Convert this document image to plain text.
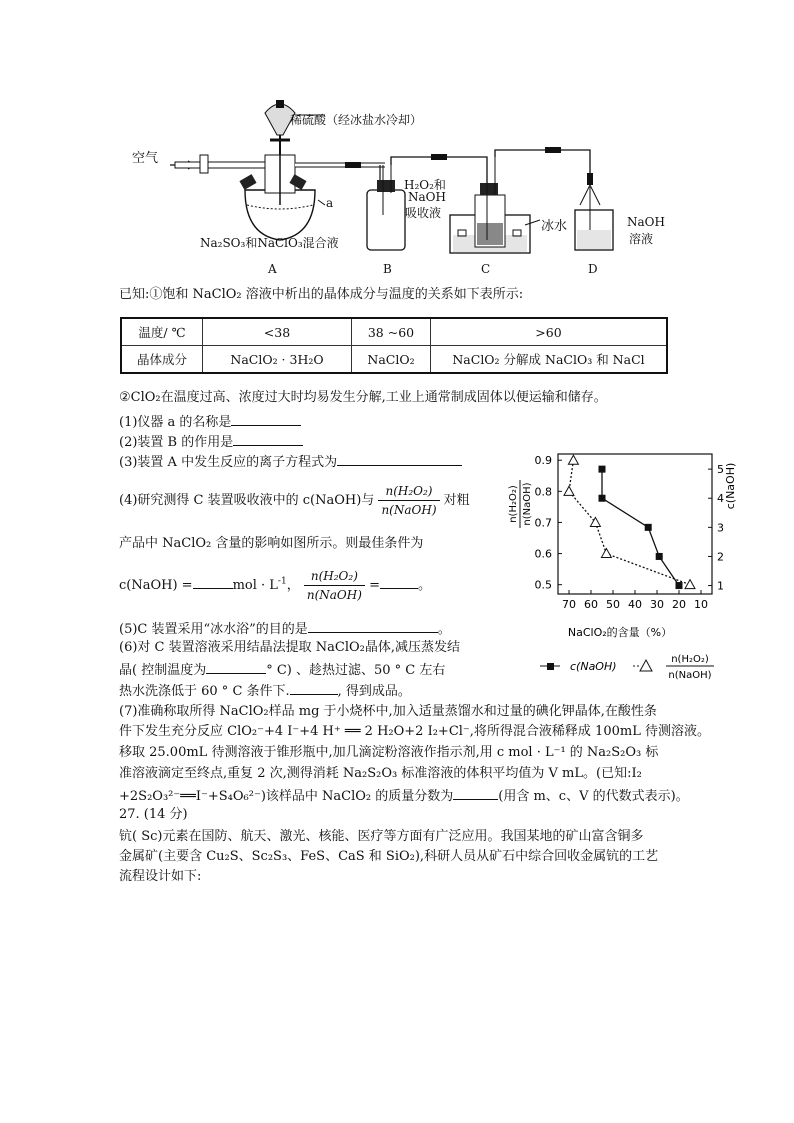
空气
稀硫酸（经冰盐水冷却）
a
Na₂SO₃和NaClO₃混合液
H₂O₂和
NaOH
吸收液
冰水	NaOH
溶液
A	B	C	D
已知:①饱和 NaClO₂ 溶液中析出的晶体成分与温度的关系如下表所示:
温度/ ℃	<38	38 ~60	>60
晶体成分	NaClO₂ · 3H₂O	NaClO₂	NaClO₂ 分解成 NaClO₃ 和 NaCl
②ClO₂在温度过高、浓度过大时均易发生分解,工业上通常制成固体以便运输和储存。
(1)仪器 a 的名称是
(2)装置 B 的作用是
(3)装置 A 中发生反应的离子方程式为
(4)研究测得 C 装置吸收液中的 c(NaOH)与 $\frac{\text{n(H₂O₂)}}{\text{n(NaOH)}}$ 对粗
产品中 NaClO₂ 含量的影响如图所示。则最佳条件为
c(NaOH) =	mol · $L^{-1}$， $\frac{\text{n(H₂O₂)}}{\text{n(NaOH)}}$ =	。
(5)C 装置采用“冰水浴”的目的是	。
(6)对 C 装置溶液采用结晶法提取 NaClO₂晶体,减压蒸发结
晶( 控制温度为	° C) 、趁热过滤、50 ° C 左右
热水洗涤低于 60 ° C 条件下.	, 得到成品。
(7)准确称取所得 NaClO₂样品 mg 于小烧杯中,加入适量蒸馏水和过量的碘化钾晶体,在酸性条
件下发生充分反应 ClO₂⁻+4 I⁻+4 H⁺ ══ 2 H₂O+2 I₂+Cl⁻,将所得混合液稀释成 100mL 待测溶液。
移取 25.00mL 待测溶液于锥形瓶中,加几滴淀粉溶液作指示剂,用 c mol · L⁻¹ 的 Na₂S₂O₃ 标
准溶液滴定至终点,重复 2 次,测得消耗 Na₂S₂O₃ 标准溶液的体积平均值为 V mL。(已知:I₂
+2S₂O₃²⁻══I⁻+S₄O₆²⁻)该样品中 NaClO₂ 的质量分数为	(用含 m、c、V 的代数式表示)。
27. (14 分)
钪( Sc)元素在国防、航天、激光、核能、医疗等方面有广泛应用。我国某地的矿山富含铜多
金属矿(主要含 Cu₂S、Sc₂S₃、FeS、CaS 和 SiO₂),科研人员从矿石中综合回收金属钪的工艺
流程设计如下:
70 60 50 40 30 20 10
0.5
0.6
0.7
0.8
0.9
1
2
3
4
5
NaClO₂的含量（%）
n(H₂O₂) n(NaOH)	c(NaOH)
c(NaOH)
n(H₂O₂)
n(NaOH)
